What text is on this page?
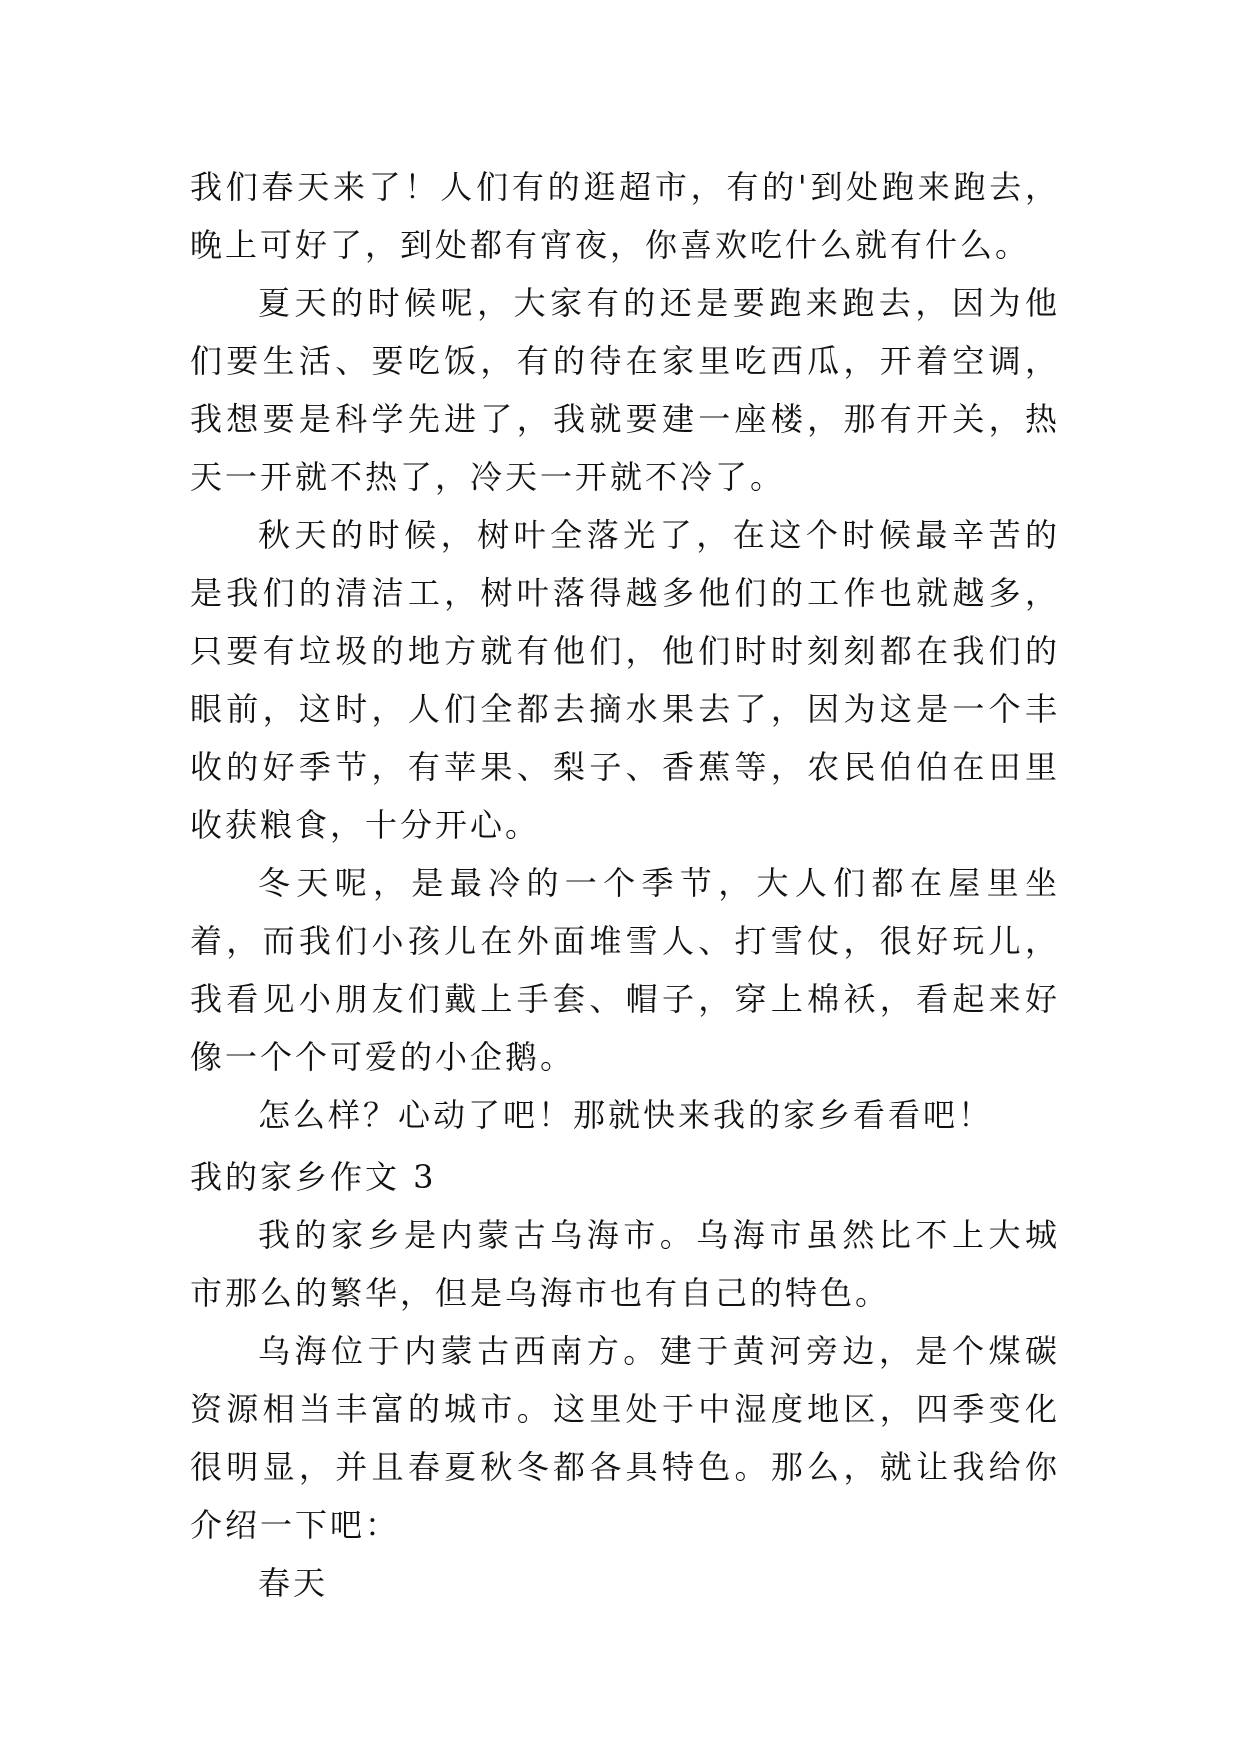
我们春天来了！人们有的逛超市，有的'到处跑来跑去，晚上可好了，到处都有宵夜，你喜欢吃什么就有什么。

夏天的时候呢，大家有的还是要跑来跑去，因为他们要生活、要吃饭，有的待在家里吃西瓜，开着空调，我想要是科学先进了，我就要建一座楼，那有开关，热天一开就不热了，冷天一开就不冷了。

秋天的时候，树叶全落光了，在这个时候最辛苦的是我们的清洁工，树叶落得越多他们的工作也就越多，只要有垃圾的地方就有他们，他们时时刻刻都在我们的眼前，这时，人们全都去摘水果去了，因为这是一个丰收的好季节，有苹果、梨子、香蕉等，农民伯伯在田里收获粮食，十分开心。

冬天呢，是最冷的一个季节，大人们都在屋里坐着，而我们小孩儿在外面堆雪人、打雪仗，很好玩儿，我看见小朋友们戴上手套、帽子，穿上棉袄，看起来好像一个个可爱的小企鹅。

怎么样？心动了吧！那就快来我的家乡看看吧！

我的家乡作文 3

我的家乡是内蒙古乌海市。乌海市虽然比不上大城市那么的繁华，但是乌海市也有自己的特色。

乌海位于内蒙古西南方。建于黄河旁边，是个煤碳资源相当丰富的城市。这里处于中湿度地区，四季变化很明显，并且春夏秋冬都各具特色。那么，就让我给你介绍一下吧：

春天
